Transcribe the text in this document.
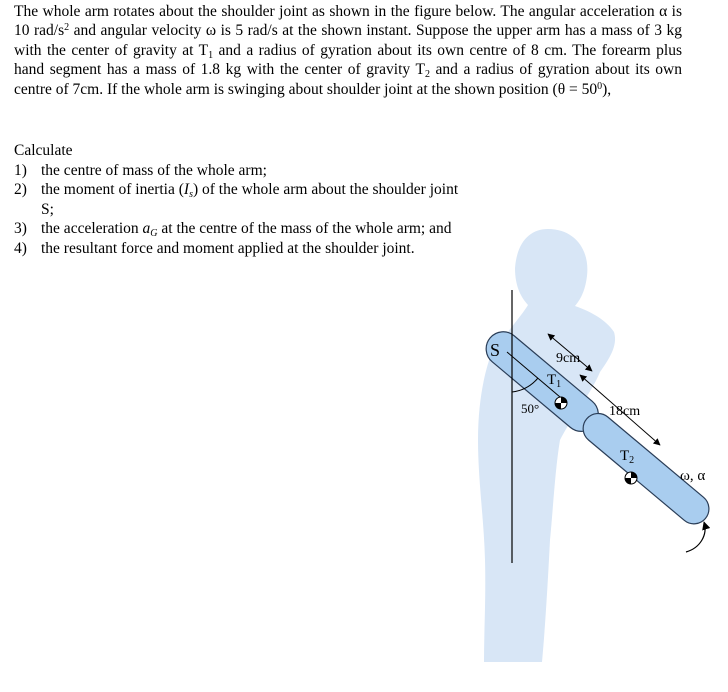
The whole arm rotates about the shoulder joint as shown in the figure below. The angular acceleration α is 10 rad/$s^2$ and angular velocity ω is 5 rad/s at the shown instant. Suppose the upper arm has a mass of 3 kg with the center of gravity at $T_1$ and a radius of gyration about its own centre of 8 cm. The forearm plus hand segment has a mass of 1.8 kg with the center of gravity $T_2$ and a radius of gyration about its own centre of 7cm. If the whole arm is swinging about shoulder joint at the shown position $(\theta = 50^0)$,
Calculate
1) the centre of mass of the whole arm;
2) the moment of inertia $(I_s)$ of the whole arm about the shoulder joint S;
3) the acceleration $a_G$ at the centre of the mass of the whole arm; and
4) the resultant force and moment applied at the shoulder joint.
S	9cm
$T_1$
50°	18cm
$T_2$
ω, α
